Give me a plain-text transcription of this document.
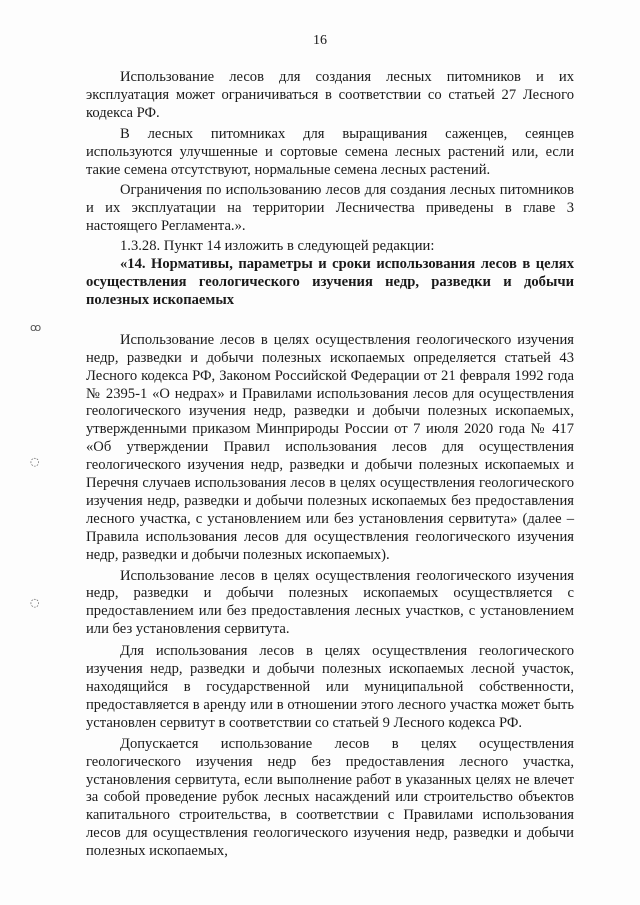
16
ꝏ
◌
◌

Использование лесов для создания лесных питомников и их эксплуатация может ограничиваться в соответствии со статьей 27 Лесного кодекса РФ.

В лесных питомниках для выращивания саженцев, сеянцев используются улучшенные и сортовые семена лесных растений или, если такие семена отсутствуют, нормальные семена лесных растений.

Ограничения по использованию лесов для создания лесных питомников и их эксплуатации на территории Лесничества приведены в главе 3 настоящего Регламента.».

1.3.28. Пункт 14 изложить в следующей редакции:

«14. Нормативы, параметры и сроки использования лесов в целях осуществления геологического изучения недр, разведки и добычи полезных ископаемых

Использование лесов в целях осуществления геологического изучения недр, разведки и добычи полезных ископаемых определяется статьей 43 Лесного кодекса РФ, Законом Российской Федерации от 21 февраля 1992 года № 2395-1 «О недрах» и Правилами использования лесов для осуществления геологического изучения недр, разведки и добычи полезных ископаемых, утвержденными приказом Минприроды России от 7 июля 2020 года № 417 «Об утверждении Правил использования лесов для осуществления геологического изучения недр, разведки и добычи полезных ископаемых и Перечня случаев использования лесов в целях осуществления геологического изучения недр, разведки и добычи полезных ископаемых без предоставления лесного участка, с установлением или без установления сервитута» (далее – Правила использования лесов для осуществления геологического изучения недр, разведки и добычи полезных ископаемых).

Использование лесов в целях осуществления геологического изучения недр, разведки и добычи полезных ископаемых осуществляется с предоставлением или без предоставления лесных участков, с установлением или без установления сервитута.

Для использования лесов в целях осуществления геологического изучения недр, разведки и добычи полезных ископаемых лесной участок, находящийся в государственной или муниципальной собственности, предоставляется в аренду или в отношении этого лесного участка может быть установлен сервитут в соответствии со статьей 9 Лесного кодекса РФ.

Допускается использование лесов в целях осуществления геологического изучения недр без предоставления лесного участка, установления сервитута, если выполнение работ в указанных целях не влечет за собой проведение рубок лесных насаждений или строительство объектов капитального строительства, в соответствии с Правилами использования лесов для осуществления геологического изучения недр, разведки и добычи полезных ископаемых,
